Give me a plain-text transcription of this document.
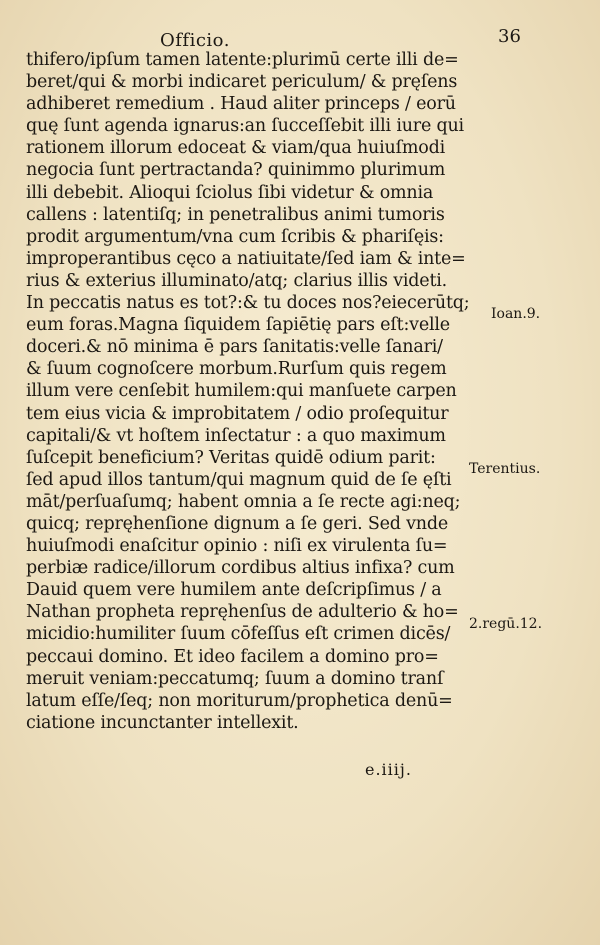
Officio.	36
thifero/ipſum tamen latente:plurimū certe illi de=
beret/qui & morbi indicaret periculum/ & pręſens
adhiberet remedium . Haud aliter princeps / eorū
quę ſunt agenda ignarus:an ſucceſſebit illi iure qui
rationem illorum edoceat & viam/qua huiuſmodi
negocia ſunt pertractanda? quinimmo plurimum
illi debebit. Alioqui ſciolus ſibi videtur & omnia
callens : latentiſq; in penetralibus animi tumoris
prodit argumentum/vna cum ſcribis & phariſęis:
improperantibus cęco a natiuitate/ſed iam & inte=
rius & exterius illuminato/atq; clarius illis videti.
In peccatis natus es tot?:& tu doces nos?eiecerūtq;
eum foras.Magna ſiquidem ſapiētię pars eſt:velle
doceri.& nō minima ē pars ſanitatis:velle ſanari/
& ſuum cognoſcere morbum.Rurſum quis regem
illum vere cenſebit humilem:qui manſuete carpen
tem eius vicia & improbitatem / odio proſequitur
capitali/& vt hoſtem inſectatur : a quo maximum
ſuſcepit beneficium? Veritas quidē odium parit:
ſed apud illos tantum/qui magnum quid de ſe ęſti
māt/perſuaſumq; habent omnia a ſe recte agi:neq;
quicq; repręhenſione dignum a ſe geri. Sed vnde
huiuſmodi enaſcitur opinio : niſi ex virulenta ſu=
perbiæ radice/illorum cordibus altius infixa? cum
Dauid quem vere humilem ante deſcripſimus / a
Nathan propheta repręhenſus de adulterio & ho=
micidio:humiliter ſuum cōfeſſus eſt crimen dicēs/
peccaui domino. Et ideo facilem a domino pro=
meruit veniam:peccatumq; ſuum a domino tranſ
latum eſſe/ſeq; non moriturum/prophetica denū=
ciatione incunctanter intellexit.
Ioan.9.
Terentius.
2.regū.12.
e.iiij.
